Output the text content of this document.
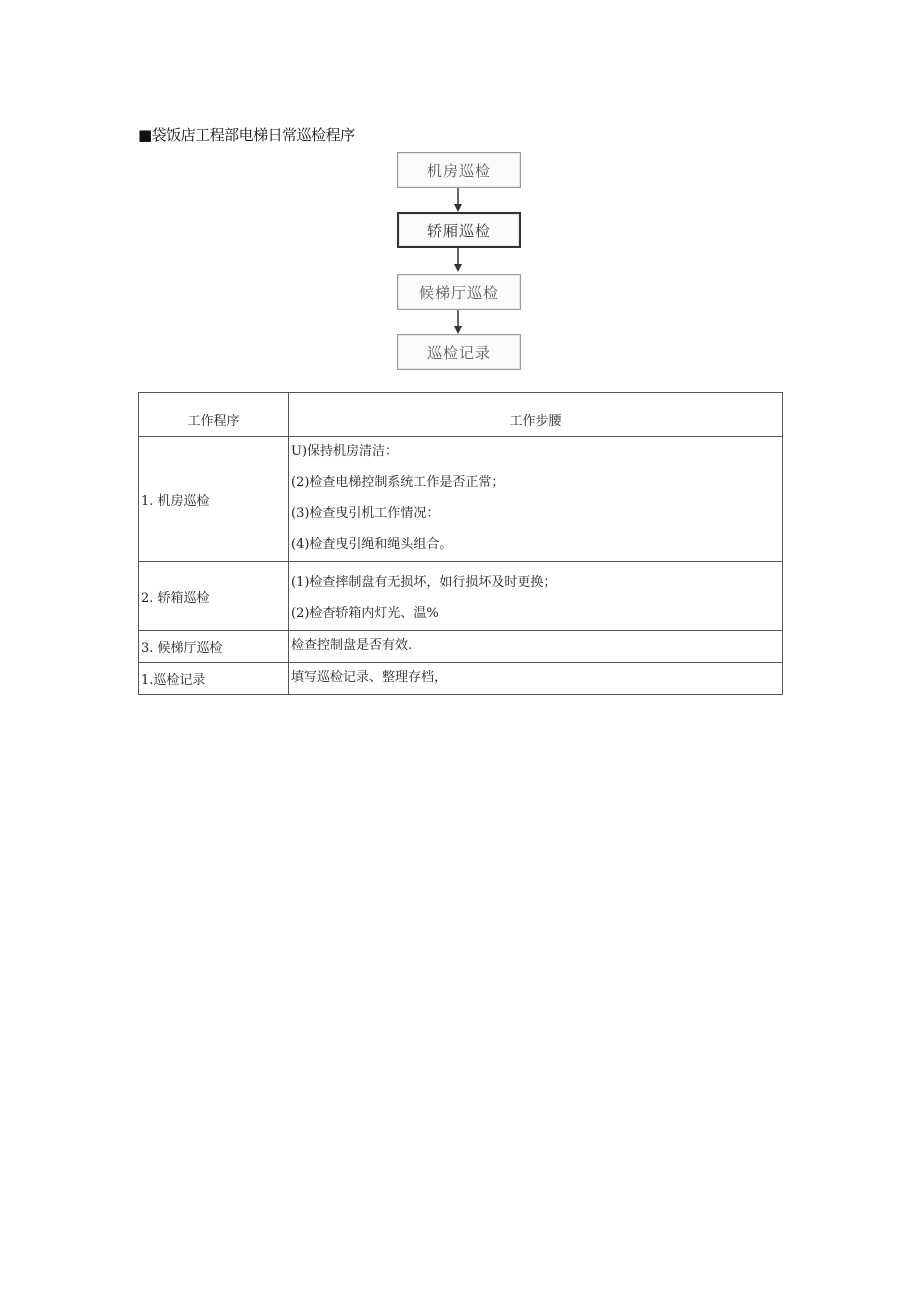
■袋饭店工程部电梯日常巡检程序
机房巡检
轿厢巡检
候梯厅巡检
巡检记录
工作程序	工作步腰
1. 机房巡检	U)保持机房清洁：
(2)检查电梯控制系统工作是否正常；
(3)检查曳引机工作情况：
(4)检査曳引绳和绳头组合。

2. 轿箱巡检	(1)检查摔制盘有无损坏，如行损坏及时更换；
(2)检杳轿箱内灯光、温%

3. 候梯厅巡检	检查控制盘是否有效.

1.巡检记录	填写巡检记录、整理存档，
